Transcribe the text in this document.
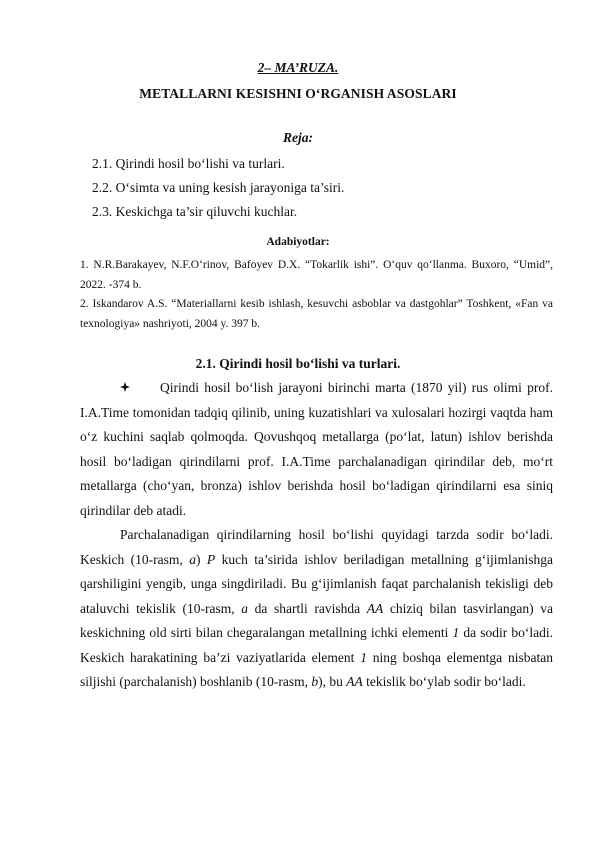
2– MA’RUZA.
METALLARNI KESISHNI O‘RGANISH ASOSLARI
Reja:
2.1. Qirindi hosil bo‘lishi va turlari.
2.2. O‘simta va uning kesish jarayoniga ta’siri.
2.3. Keskichga ta’sir qiluvchi kuchlar.
Adabiyotlar:

1. N.R.Barakayev, N.F.O‘rinov, Bafoyev D.X. “Tokarlik ishi”. O‘quv qo‘llanma. Buxoro, “Umid”, 2022. -374 b.

2. Iskandarov A.S. “Materiallarni kesib ishlash, kesuvchi asboblar va dastgohlar” Toshkent, «Fan va texnologiya» nashriyoti, 2004 y. 397 b.

2.1. Qirindi hosil bo‘lishi va turlari.

Qirindi hosil bo‘lish jarayoni birinchi marta (1870 yil) rus olimi prof. I.A.Time tomonidan tadqiq qilinib, uning kuzatishlari va xulosalari hozirgi vaqtda ham o‘z kuchini saqlab qolmoqda. Qovushqoq metallarga (po‘lat, latun) ishlov berishda hosil bo‘ladigan qirindilarni prof. I.A.Time parchalanadigan qirindilar deb, mo‘rt metallarga (cho‘yan, bronza) ishlov berishda hosil bo‘ladigan qirindilarni esa siniq qirindilar deb atadi.

Parchalanadigan qirindilarning hosil bo‘lishi quyidagi tarzda sodir bo‘ladi. Keskich (10-rasm, a) P kuch ta’sirida ishlov beriladigan metallning g‘ijimlanishga qarshiligini yengib, unga singdiriladi. Bu g‘ijimlanish faqat parchalanish tekisligi deb ataluvchi tekislik (10-rasm, a da shartli ravishda AA chiziq bilan tasvirlangan) va keskichning old sirti bilan chegaralangan metallning ichki elementi 1 da sodir bo‘ladi. Keskich harakatining ba’zi vaziyatlarida element 1 ning boshqa elementga nisbatan siljishi (parchalanish) boshlanib (10-rasm, b), bu AA tekislik bo‘ylab sodir bo‘ladi.
